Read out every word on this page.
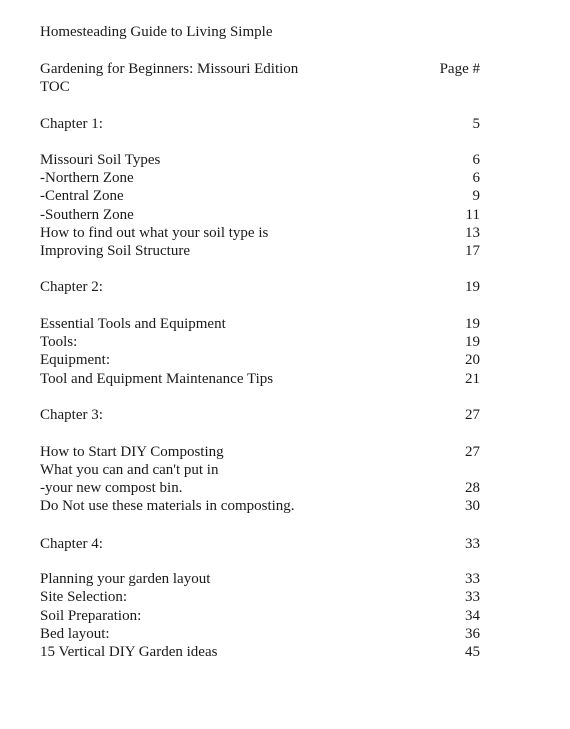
Homesteading Guide to Living Simple
Gardening for Beginners: Missouri Edition	Page #
TOC
Chapter 1:	5
Missouri Soil Types	6
-Northern Zone	6
-Central Zone	9
-Southern Zone	11
How to find out what your soil type is	13
Improving Soil Structure	17
Chapter 2:	19
Essential Tools and Equipment	19
Tools:	19
Equipment:	20
Tool and Equipment Maintenance Tips	21
Chapter 3:	27
How to Start DIY Composting	27
What you can and can't put in
-your new compost bin.	28
Do Not use these materials in composting.	30
Chapter 4:	33
Planning your garden layout	33
Site Selection:	33
Soil Preparation:	34
Bed layout:	36
15 Vertical DIY Garden ideas	45
